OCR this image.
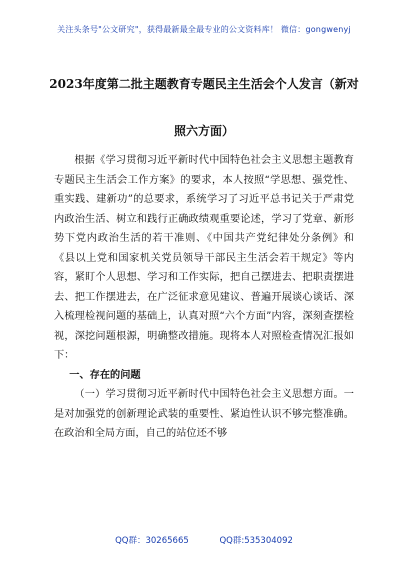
关注头条号"公文研究"，获得最新最全最专业的公文资料库！ 微信：gongwenyj
2023年度第二批主题教育专题民主生活会个人发言（新对
照六方面）

根据《学习贯彻习近平新时代中国特色社会主义思想主题教育专题民主生活会工作方案》的要求，本人按照“学思想、强党性、重实践、建新功”的总要求，系统学习了习近平总书记关于严肃党内政治生活、树立和践行正确政绩观重要论述，学习了党章、新形势下党内政治生活的若干准则、《中国共产党纪律处分条例》和《县以上党和国家机关党员领导干部民主生活会若干规定》等内容，紧盯个人思想、学习和工作实际，把自己摆进去、把职责摆进去、把工作摆进去，在广泛征求意见建议、普遍开展谈心谈话、深入梳理检视问题的基础上，认真对照“六个方面”内容，深刻查摆检视，深挖问题根源，明确整改措施。现将本人对照检查情况汇报如下：

一、存在的问题

（一）学习贯彻习近平新时代中国特色社会主义思想方面。一是对加强党的创新理论武装的重要性、紧迫性认识不够完整准确。在政治和全局方面，自己的站位还不够

QQ群：30265665	QQ群:535304092
